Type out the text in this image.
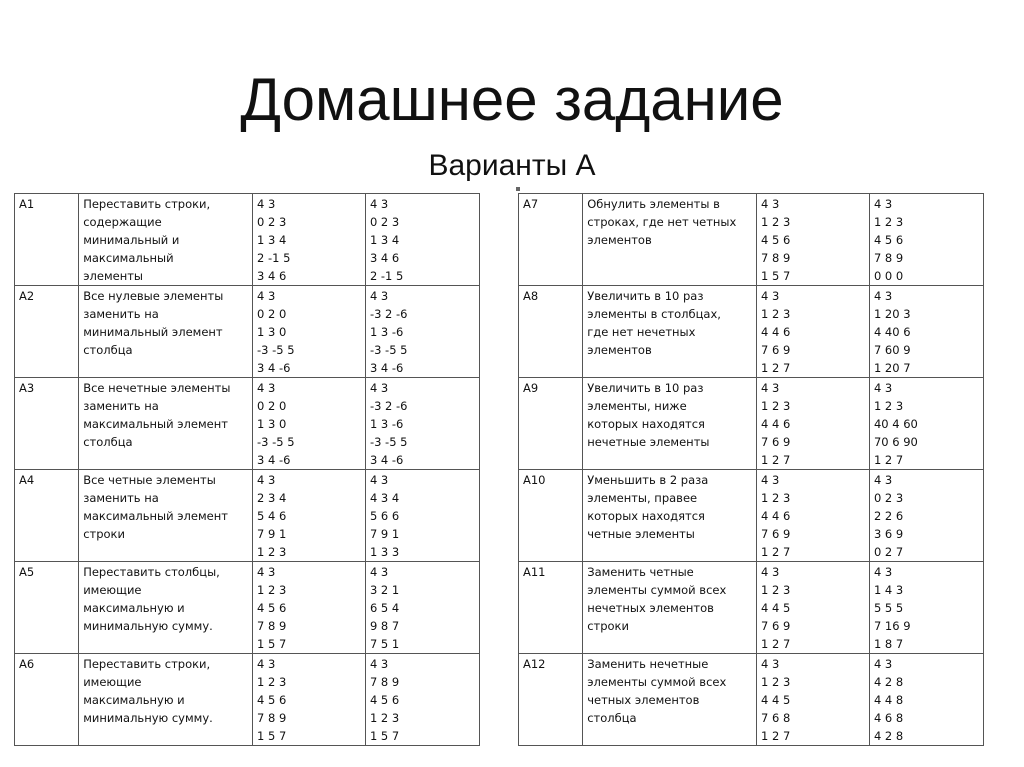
Домашнее задание
Варианты А
А1	Переставить строки,
содержащие
минимальный и
максимальный
элементы	4 3
0 2 3
1 3 4
2 -1 5
3 4 6	4 3
0 2 3
1 3 4
3 4 6
2 -1 5
А2	Все нулевые элементы
заменить на
минимальный элемент
столбца	4 3
0 2 0
1 3 0
-3 -5 5
3 4 -6	4 3
-3 2 -6
1 3 -6
-3 -5 5
3 4 -6
А3	Все нечетные элементы
заменить на
максимальный элемент
столбца	4 3
0 2 0
1 3 0
-3 -5 5
3 4 -6	4 3
-3 2 -6
1 3 -6
-3 -5 5
3 4 -6
А4	Все четные элементы
заменить на
максимальный элемент
строки	4 3
2 3 4
5 4 6
7 9 1
1 2 3	4 3
4 3 4
5 6 6
7 9 1
1 3 3
А5	Переставить столбцы,
имеющие
максимальную и
минимальную сумму.	4 3
1 2 3
4 5 6
7 8 9
1 5 7	4 3
3 2 1
6 5 4
9 8 7
7 5 1
А6	Переставить строки,
имеющие
максимальную и
минимальную сумму.	4 3
1 2 3
4 5 6
7 8 9
1 5 7	4 3
7 8 9
4 5 6
1 2 3
1 5 7
А7	Обнулить элементы в
строках, где нет четных
элементов	4 3
1 2 3
4 5 6
7 8 9
1 5 7	4 3
1 2 3
4 5 6
7 8 9
0 0 0
А8	Увеличить в 10 раз
элементы в столбцах,
где нет нечетных
элементов	4 3
1 2 3
4 4 6
7 6 9
1 2 7	4 3
1 20 3
4 40 6
7 60 9
1 20 7
А9	Увеличить в 10 раз
элементы, ниже
которых находятся
нечетные элементы	4 3
1 2 3
4 4 6
7 6 9
1 2 7	4 3
1 2 3
40 4 60
70 6 90
1 2 7
А10	Уменьшить в 2 раза
элементы, правее
которых находятся
четные элементы	4 3
1 2 3
4 4 6
7 6 9
1 2 7	4 3
0 2 3
2 2 6
3 6 9
0 2 7
А11	Заменить четные
элементы суммой всех
нечетных элементов
строки	4 3
1 2 3
4 4 5
7 6 9
1 2 7	4 3
1 4 3
5 5 5
7 16 9
1 8 7
А12	Заменить нечетные
элементы суммой всех
четных элементов
столбца	4 3
1 2 3
4 4 5
7 6 8
1 2 7	4 3
4 2 8
4 4 8
4 6 8
4 2 8
